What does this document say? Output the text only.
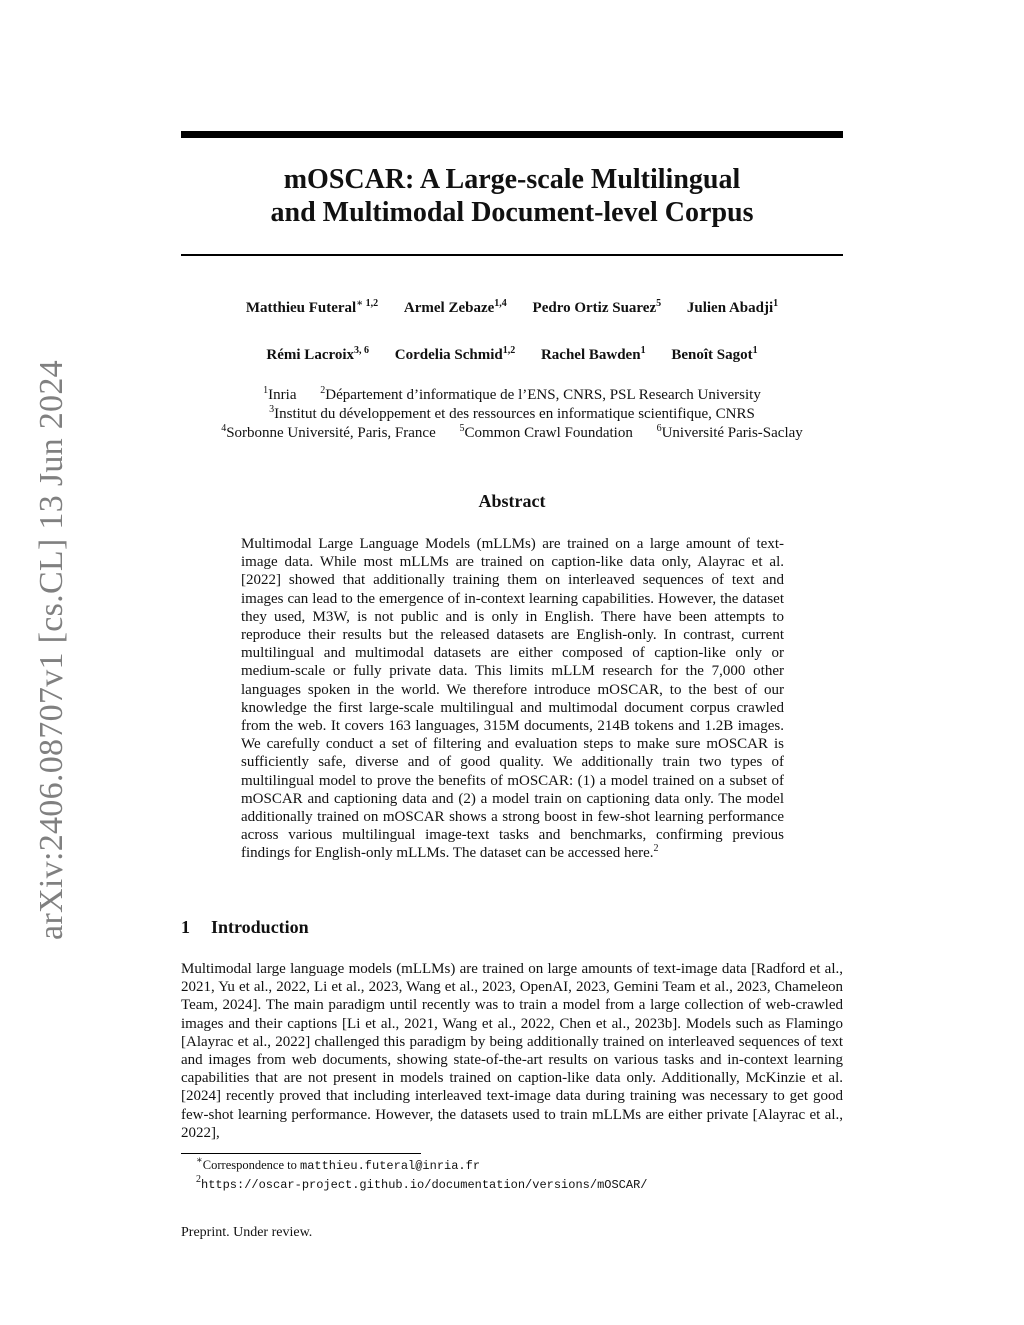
arXiv:2406.08707v1 [cs.CL] 13 Jun 2024
mOSCAR: A Large-scale Multilingual
and Multimodal Document-level Corpus
Matthieu Futeral$^{∗ 1,2}$ Armel Zebaze$^{1,4}$ Pedro Ortiz Suarez$^5$ Julien Abadji$^1$
Rémi Lacroix$^{3, 6}$ Cordelia Schmid$^{1,2}$ Rachel Bawden$^1$ Benoît Sagot$^1$
$^1$Inria $^2$Département d’informatique de l’ENS, CNRS, PSL Research University
$^3$Institut du développement et des ressources en informatique scientifique, CNRS
$^4$Sorbonne Université, Paris, France $^5$Common Crawl Foundation $^6$Université Paris-Saclay
Abstract
Multimodal Large Language Models (mLLMs) are trained on a large amount of text-image data. While most mLLMs are trained on caption-like data only, Alayrac et al. [2022] showed that additionally training them on interleaved sequences of text and images can lead to the emergence of in-context learning capabilities. However, the dataset they used, M3W, is not public and is only in English. There have been attempts to reproduce their results but the released datasets are English-only. In contrast, current multilingual and multimodal datasets are either composed of caption-like only or medium-scale or fully private data. This limits mLLM research for the 7,000 other languages spoken in the world. We therefore introduce mOSCAR, to the best of our knowledge the first large-scale multilingual and multimodal document corpus crawled from the web. It covers 163 languages, 315M documents, 214B tokens and 1.2B images. We carefully conduct a set of filtering and evaluation steps to make sure mOSCAR is sufficiently safe, diverse and of good quality. We additionally train two types of multilingual model to prove the benefits of mOSCAR: (1) a model trained on a subset of mOSCAR and captioning data and (2) a model train on captioning data only. The model additionally trained on mOSCAR shows a strong boost in few-shot learning performance across various multilingual image-text tasks and benchmarks, confirming previous findings for English-only mLLMs. The dataset can be accessed here.$^2$
1 Introduction
Multimodal large language models (mLLMs) are trained on large amounts of text-image data [Radford et al., 2021, Yu et al., 2022, Li et al., 2023, Wang et al., 2023, OpenAI, 2023, Gemini Team et al., 2023, Chameleon Team, 2024]. The main paradigm until recently was to train a model from a large collection of web-crawled images and their captions [Li et al., 2021, Wang et al., 2022, Chen et al., 2023b]. Models such as Flamingo [Alayrac et al., 2022] challenged this paradigm by being additionally trained on interleaved sequences of text and images from web documents, showing state-of-the-art results on various tasks and in-context learning capabilities that are not present in models trained on caption-like data only. Additionally, McKinzie et al. [2024] recently proved that including interleaved text-image data during training was necessary to get good few-shot learning performance. However, the datasets used to train mLLMs are either private [Alayrac et al., 2022],
∗Correspondence to matthieu.futeral@inria.fr
$^2$https://oscar-project.github.io/documentation/versions/mOSCAR/
Preprint. Under review.
